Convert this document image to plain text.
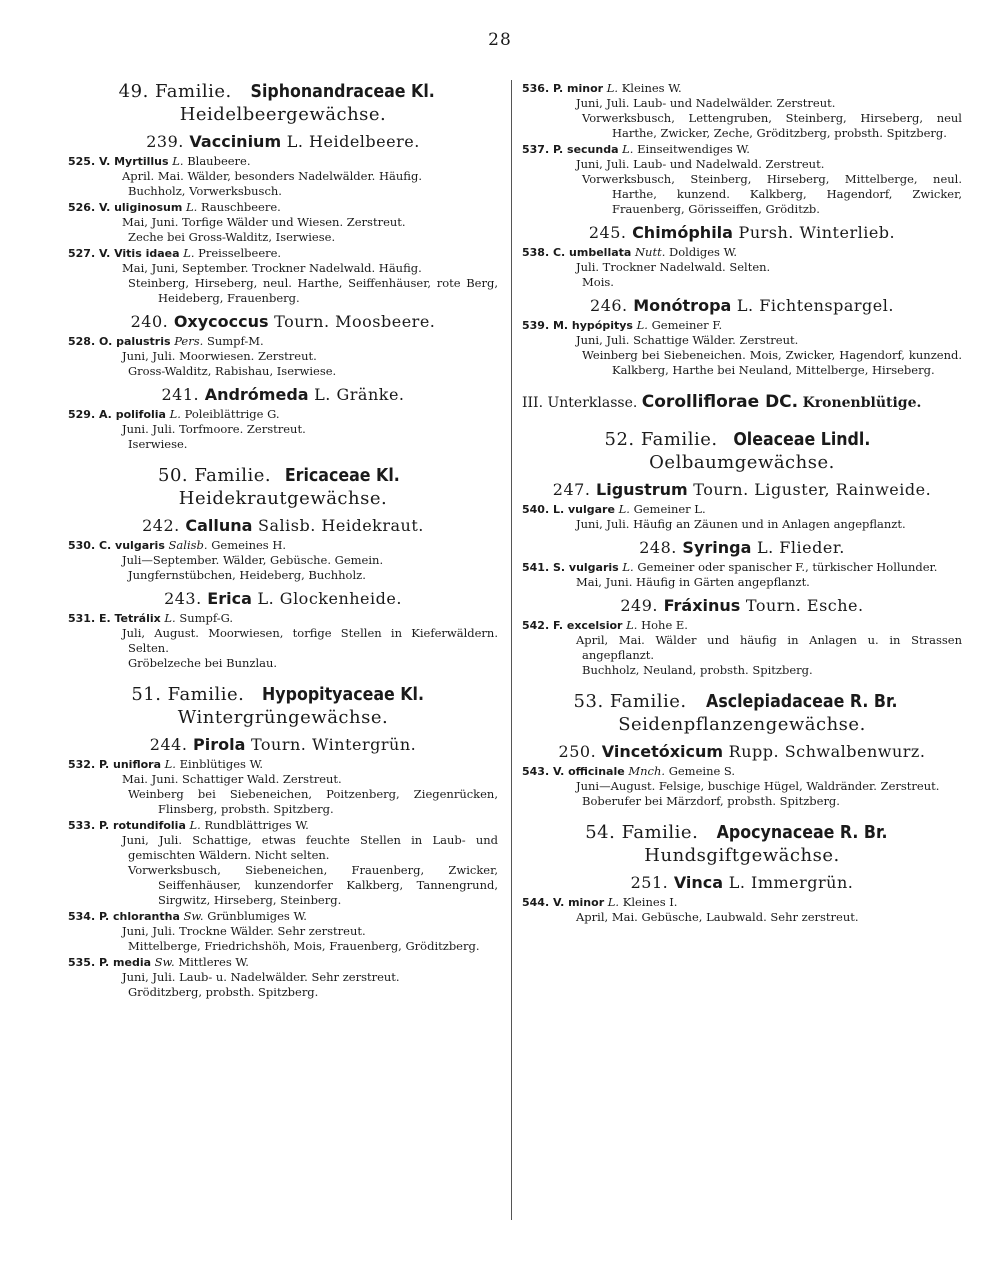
28
49. Familie. Siphonandraceae Kl.
Heidelbeergewächse.
239. Vaccinium L. Heidelbeere.
525. V. Myrtillus L. Blaubeere.
April. Mai. Wälder, besonders Nadelwälder. Häufig.
Buchholz, Vorwerksbusch.
526. V. uliginosum L. Rauschbeere.
Mai, Juni. Torfige Wälder und Wiesen. Zerstreut.
Zeche bei Gross-Walditz, Iserwiese.
527. V. Vitis idaea L. Preisselbeere.
Mai, Juni, September. Trockner Nadelwald. Häufig.
Steinberg, Hirseberg, neul. Harthe, Seiffenhäuser, rote Berg, Heideberg, Frauenberg.
240. Oxycoccus Tourn. Moosbeere.
528. O. palustris Pers. Sumpf-M.
Juni, Juli. Moorwiesen. Zerstreut.
Gross-Walditz, Rabishau, Iserwiese.
241. Andrómeda L. Gränke.
529. A. polifolia L. Poleiblättrige G.
Juni. Juli. Torfmoore. Zerstreut.
Iserwiese.
50. Familie. Ericaceae Kl. Heidekrautgewächse.
242. Calluna Salisb. Heidekraut.
530. C. vulgaris Salisb. Gemeines H.
Juli—September. Wälder, Gebüsche. Gemein.
Jungfernstübchen, Heideberg, Buchholz.
243. Erica L. Glockenheide.
531. E. Tetrálix L. Sumpf-G.
Juli, August. Moorwiesen, torfige Stellen in Kieferwäldern. Selten.
Gröbelzeche bei Bunzlau.
51. Familie. Hypopityaceae Kl. Wintergrüngewächse.
244. Pirola Tourn. Wintergrün.
532. P. uniflora L. Einblütiges W.
Mai. Juni. Schattiger Wald. Zerstreut.
Weinberg bei Siebeneichen, Poitzenberg, Ziegenrücken, Flinsberg, probsth. Spitzberg.
533. P. rotundifolia L. Rundblättriges W.
Juni, Juli. Schattige, etwas feuchte Stellen in Laub- und gemischten Wäldern. Nicht selten.
Vorwerksbusch, Siebeneichen, Frauenberg, Zwicker, Seiffenhäuser, kunzendorfer Kalkberg, Tannengrund, Sirgwitz, Hirseberg, Steinberg.
534. P. chlorantha Sw. Grünblumiges W.
Juni, Juli. Trockne Wälder. Sehr zerstreut.
Mittelberge, Friedrichshöh, Mois, Frauenberg, Gröditzberg.
535. P. media Sw. Mittleres W.
Juni, Juli. Laub- u. Nadelwälder. Sehr zerstreut.
Gröditzberg, probsth. Spitzberg.
536. P. minor L. Kleines W.
Juni, Juli. Laub- und Nadelwälder. Zerstreut.
Vorwerksbusch, Lettengruben, Steinberg, Hirseberg, neul Harthe, Zwicker, Zeche, Gröditzberg, probsth. Spitzberg.
537. P. secunda L. Einseitwendiges W.
Juni, Juli. Laub- und Nadelwald. Zerstreut.
Vorwerksbusch, Steinberg, Hirseberg, Mittelberge, neul. Harthe, kunzend. Kalkberg, Hagendorf, Zwicker, Frauenberg, Görisseiffen, Gröditzb.
245. Chimóphila Pursh. Winterlieb.
538. C. umbellata Nutt. Doldiges W.
Juli. Trockner Nadelwald. Selten.
Mois.
246. Monótropa L. Fichtenspargel.
539. M. hypópitys L. Gemeiner F.
Juni, Juli. Schattige Wälder. Zerstreut.
Weinberg bei Siebeneichen. Mois, Zwicker, Hagendorf, kunzend. Kalkberg, Harthe bei Neuland, Mittelberge, Hirseberg.
III. Unterklasse. Corolliflorae DC. Kronenblütige.
52. Familie. Oleaceae Lindl. Oelbaumgewächse.
247. Ligustrum Tourn. Liguster, Rainweide.
540. L. vulgare L. Gemeiner L.
Juni, Juli. Häufig an Zäunen und in Anlagen angepflanzt.
248. Syringa L. Flieder.
541. S. vulgaris L. Gemeiner oder spanischer F., türkischer Hollunder.
Mai, Juni. Häufig in Gärten angepflanzt.
249. Fráxinus Tourn. Esche.
542. F. excelsior L. Hohe E.
April, Mai. Wälder und häufig in Anlagen u. in Strassen angepflanzt.
Buchholz, Neuland, probsth. Spitzberg.
53. Familie. Asclepiadaceae R. Br.
Seidenpflanzengewächse.
250. Vincetóxicum Rupp. Schwalbenwurz.
543. V. officinale Mnch. Gemeine S.
Juni—August. Felsige, buschige Hügel, Waldränder. Zerstreut.
Boberufer bei Märzdorf, probsth. Spitzberg.
54. Familie. Apocynaceae R. Br. Hundsgiftgewächse.
251. Vinca L. Immergrün.
544. V. minor L. Kleines I.
April, Mai. Gebüsche, Laubwald. Sehr zerstreut.
